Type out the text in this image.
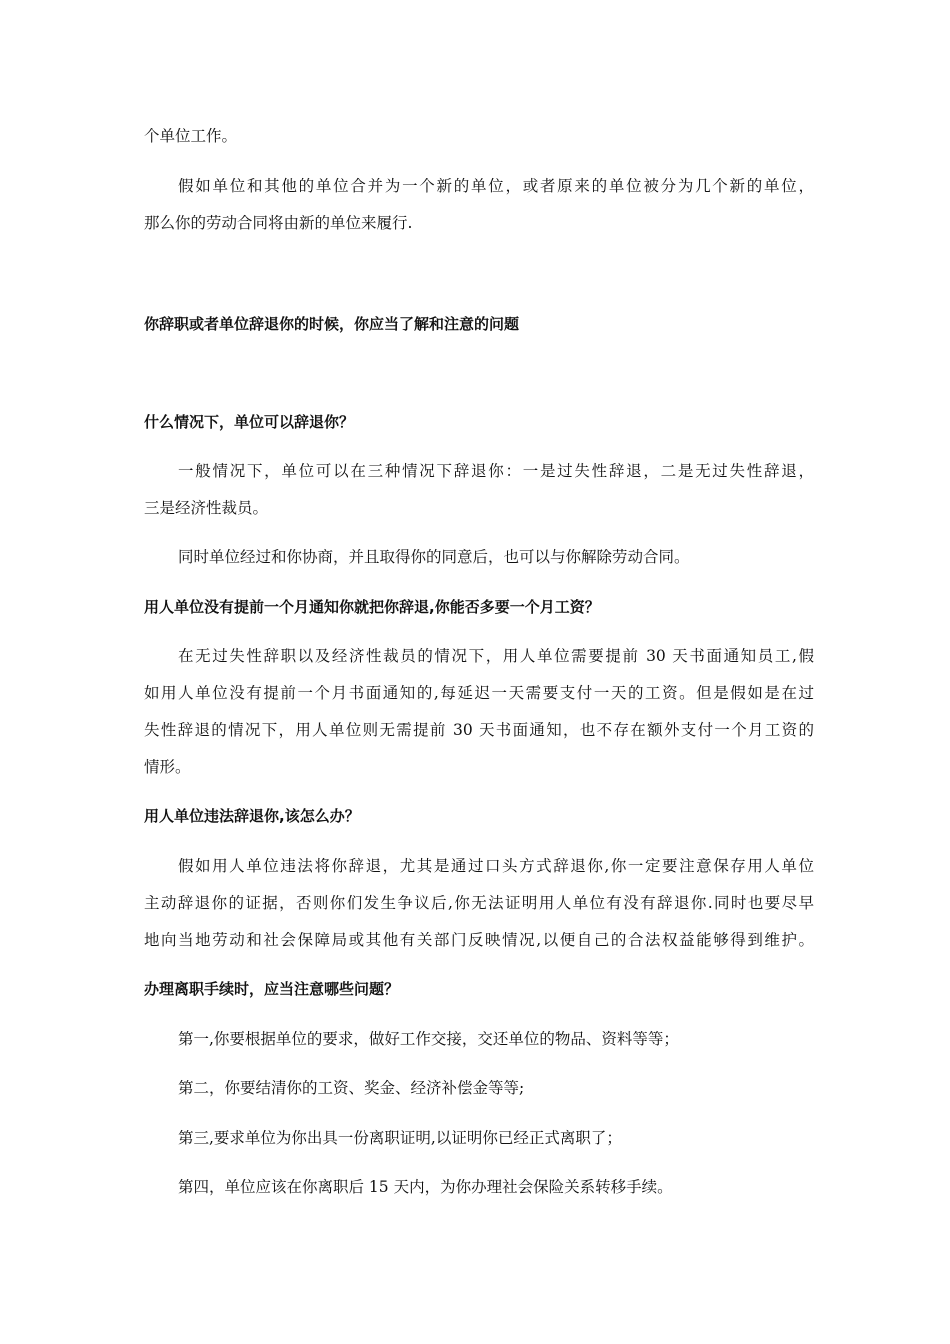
个单位工作。
假如单位和其他的单位合并为一个新的单位，或者原来的单位被分为几个新的单位，
那么你的劳动合同将由新的单位来履行.
你辞职或者单位辞退你的时候，你应当了解和注意的问题
什么情况下，单位可以辞退你？
一般情况下，单位可以在三种情况下辞退你：一是过失性辞退，二是无过失性辞退，
三是经济性裁员。
同时单位经过和你协商，并且取得你的同意后，也可以与你解除劳动合同。
用人单位没有提前一个月通知你就把你辞退,你能否多要一个月工资？
在无过失性辞职以及经济性裁员的情况下，用人单位需要提前 30 天书面通知员工,假
如用人单位没有提前一个月书面通知的,每延迟一天需要支付一天的工资。但是假如是在过
失性辞退的情况下，用人单位则无需提前 30 天书面通知，也不存在额外支付一个月工资的
情形。
用人单位违法辞退你,该怎么办？
假如用人单位违法将你辞退，尤其是通过口头方式辞退你,你一定要注意保存用人单位
主动辞退你的证据，否则你们发生争议后,你无法证明用人单位有没有辞退你.同时也要尽早
地向当地劳动和社会保障局或其他有关部门反映情况,以便自己的合法权益能够得到维护。
办理离职手续时，应当注意哪些问题？
第一,你要根据单位的要求，做好工作交接，交还单位的物品、资料等等；
第二，你要结清你的工资、奖金、经济补偿金等等;
第三,要求单位为你出具一份离职证明,以证明你已经正式离职了；
第四，单位应该在你离职后 15 天内，为你办理社会保险关系转移手续。
